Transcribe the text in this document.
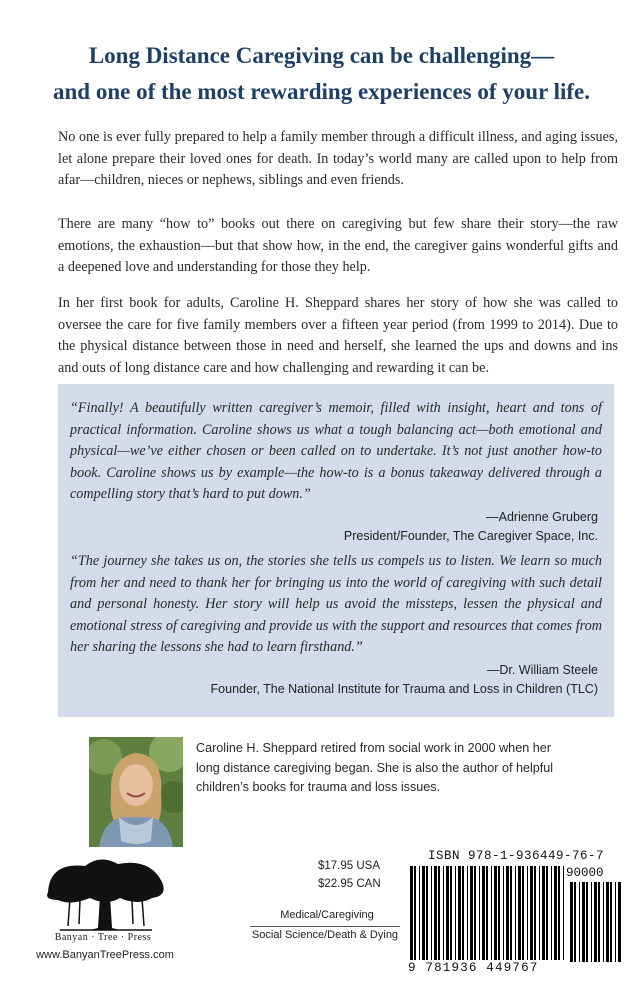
Long Distance Caregiving can be challenging—
and one of the most rewarding experiences of your life.
No one is ever fully prepared to help a family member through a difficult illness, and aging issues, let alone prepare their loved ones for death. In today’s world many are called upon to help from afar—children, nieces or nephews, siblings and even friends.
There are many “how to” books out there on caregiving but few share their story—the raw emotions, the exhaustion—but that show how, in the end, the caregiver gains wonderful gifts and a deepened love and understanding for those they help.
In her first book for adults, Caroline H. Sheppard shares her story of how she was called to oversee the care for five family members over a fifteen year period (from 1999 to 2014). Due to the physical distance between those in need and herself, she learned the ups and downs and ins and outs of long distance care and how challenging and rewarding it can be.
“Finally! A beautifully written caregiver’s memoir, filled with insight, heart and tons of practical information. Caroline shows us what a tough balancing act—both emotional and physical—we’ve either chosen or been called on to undertake. It’s not just another how-to book. Caroline shows us by example—the how-to is a bonus takeaway delivered through a compelling story that’s hard to put down.”
—Adrienne Gruberg
President/Founder, The Caregiver Space, Inc.
“The journey she takes us on, the stories she tells us compels us to listen. We learn so much from her and need to thank her for bringing us into the world of caregiving with such detail and personal honesty. Her story will help us avoid the missteps, lessen the physical and emotional stress of caregiving and provide us with the support and resources that comes from her sharing the lessons she had to learn firsthand.”
—Dr. William Steele
Founder, The National Institute for Trauma and Loss in Children (TLC)
Caroline H. Sheppard retired from social work in 2000 when her long distance caregiving began. She is also the author of helpful children’s books for trauma and loss issues.
Banyan · Tree · Press
www.BanyanTreePress.com
$17.95 USA
$22.95 CAN
Medical/Caregiving
Social Science/Death & Dying
ISBN 978-1-936449-76-7
90000
9 781936 449767
